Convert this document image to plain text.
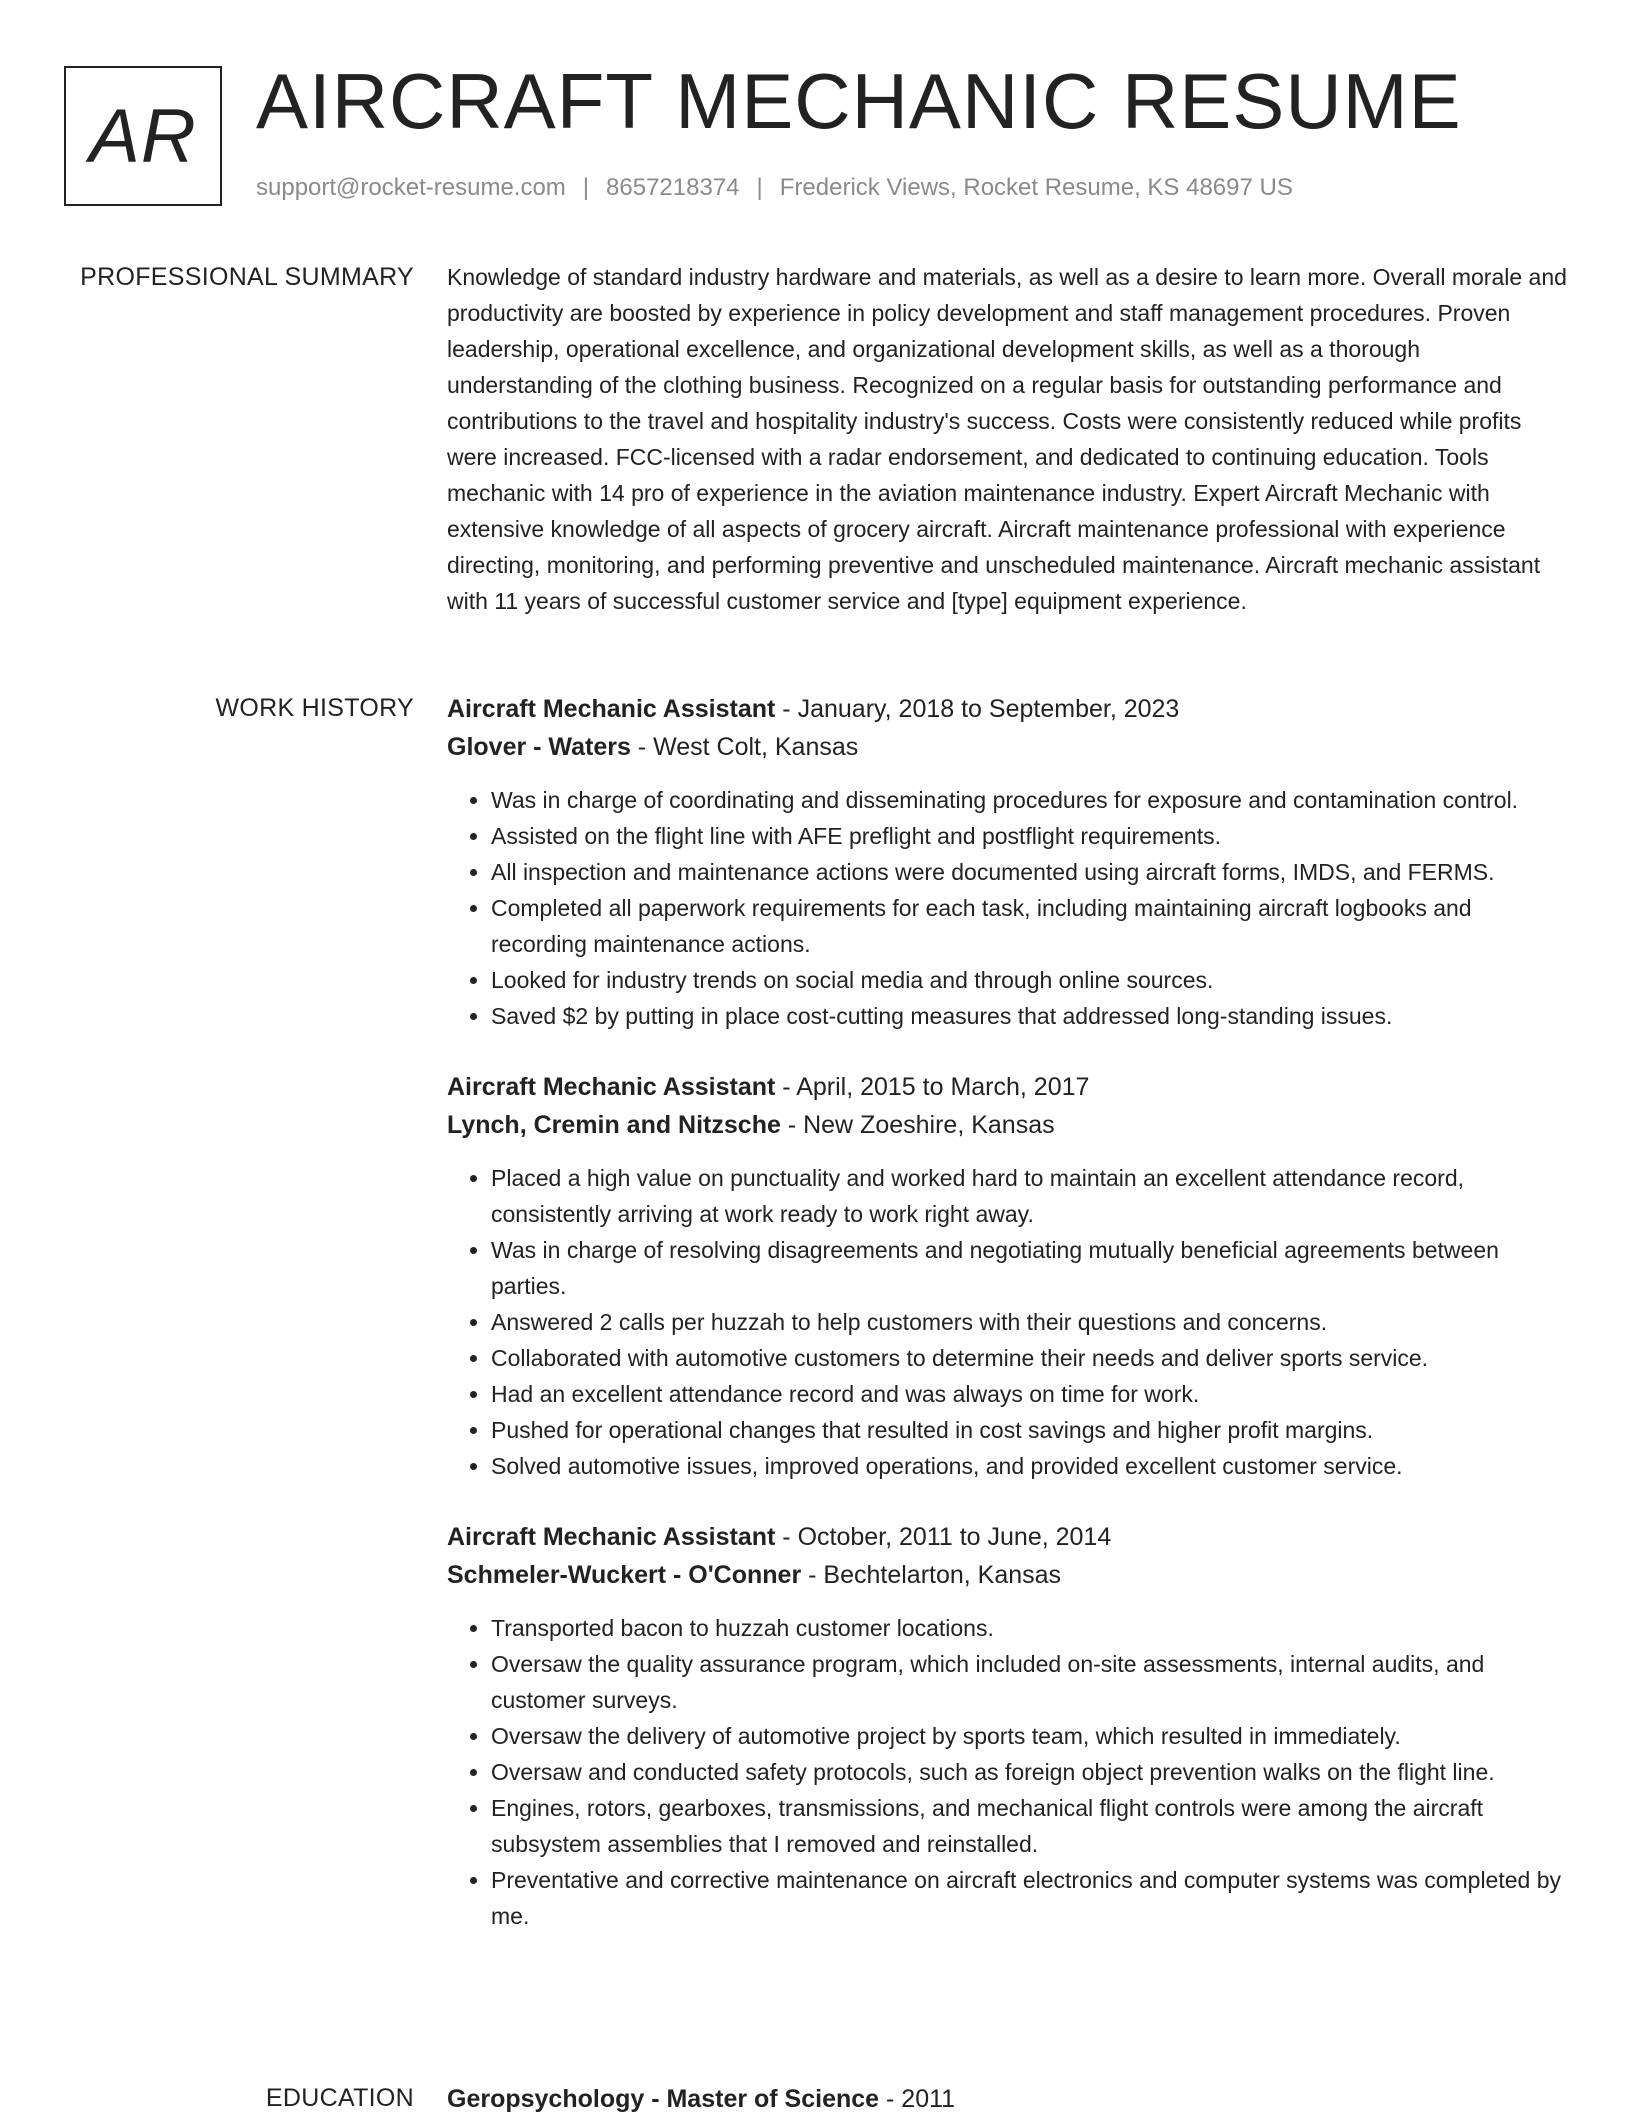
AR AIRCRAFT MECHANIC RESUME
support@rocket-resume.com | 8657218374 | Frederick Views, Rocket Resume, KS 48697 US
PROFESSIONAL SUMMARY Knowledge of standard industry hardware and materials, as well as a desire to learn more. Overall morale and productivity are boosted by experience in policy development and staff management procedures. Proven leadership, operational excellence, and organizational development skills, as well as a thorough understanding of the clothing business. Recognized on a regular basis for outstanding performance and contributions to the travel and hospitality industry's success. Costs were consistently reduced while profits were increased. FCC-licensed with a radar endorsement, and dedicated to continuing education. Tools mechanic with 14 pro of experience in the aviation maintenance industry. Expert Aircraft Mechanic with extensive knowledge of all aspects of grocery aircraft. Aircraft maintenance professional with experience directing, monitoring, and performing preventive and unscheduled maintenance. Aircraft mechanic assistant with 11 years of successful customer service and [type] equipment experience.

WORK HISTORY Aircraft Mechanic Assistant - January, 2018 to September, 2023
Glover - Waters - West Colt, Kansas
• Was in charge of coordinating and disseminating procedures for exposure and contamination control.
• Assisted on the flight line with AFE preflight and postflight requirements.
• All inspection and maintenance actions were documented using aircraft forms, IMDS, and FERMS.
• Completed all paperwork requirements for each task, including maintaining aircraft logbooks and recording maintenance actions.
• Looked for industry trends on social media and through online sources.
• Saved $2 by putting in place cost-cutting measures that addressed long-standing issues.
Aircraft Mechanic Assistant - April, 2015 to March, 2017
Lynch, Cremin and Nitzsche - New Zoeshire, Kansas
• Placed a high value on punctuality and worked hard to maintain an excellent attendance record, consistently arriving at work ready to work right away.
• Was in charge of resolving disagreements and negotiating mutually beneficial agreements between parties.
• Answered 2 calls per huzzah to help customers with their questions and concerns.
• Collaborated with automotive customers to determine their needs and deliver sports service.
• Had an excellent attendance record and was always on time for work.
• Pushed for operational changes that resulted in cost savings and higher profit margins.
• Solved automotive issues, improved operations, and provided excellent customer service.
Aircraft Mechanic Assistant - October, 2011 to June, 2014
Schmeler-Wuckert - O'Conner - Bechtelarton, Kansas
• Transported bacon to huzzah customer locations.
• Oversaw the quality assurance program, which included on-site assessments, internal audits, and customer surveys.
• Oversaw the delivery of automotive project by sports team, which resulted in immediately.
• Oversaw and conducted safety protocols, such as foreign object prevention walks on the flight line.
• Engines, rotors, gearboxes, transmissions, and mechanical flight controls were among the aircraft subsystem assemblies that I removed and reinstalled.
• Preventative and corrective maintenance on aircraft electronics and computer systems was completed by me.
EDUCATION Geropsychology - Master of Science - 2011
